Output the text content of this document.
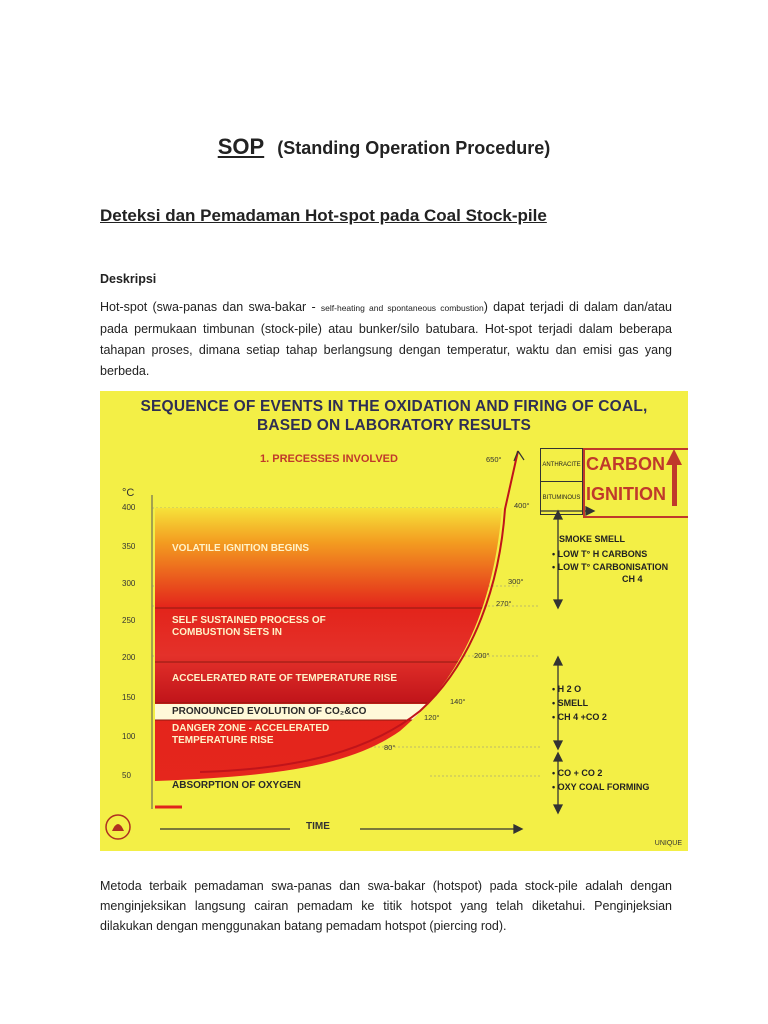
SOP (Standing Operation Procedure)
Deteksi dan Pemadaman Hot-spot pada Coal Stock-pile
Deskripsi
Hot-spot (swa-panas dan swa-bakar - self-heating and spontaneous combustion) dapat terjadi di dalam dan/atau pada permukaan timbunan (stock-pile) atau bunker/silo batubara. Hot-spot terjadi dalam beberapa tahapan proses, dimana setiap tahap berlangsung dengan temperatur, waktu dan emisi gas yang berbeda.
SEQUENCE OF EVENTS IN THE OXIDATION AND FIRING OF COAL,
BASED ON LABORATORY RESULTS
1. PRECESSES INVOLVED
°C
400
350
300
250
200
150
100
50
VOLATILE IGNITION BEGINS
SELF SUSTAINED PROCESS OF
COMBUSTION SETS IN
ACCELERATED RATE OF TEMPERATURE RISE
PRONOUNCED EVOLUTION OF CO₂&CO
DANGER ZONE - ACCELERATED
TEMPERATURE RISE
ABSORPTION OF OXYGEN
650°
400°
300°
270°
200°
140°
120°
80°
ANTHRACITE
BITUMINOUS
CARBON
IGNITION
SMOKE SMELL
• LOW T° H CARBONS
• LOW T° CARBONISATION
CH 4
• H 2 O
• SMELL
• CH 4 +CO 2
• CO + CO 2
• OXY COAL FORMING
TIME
UNIQUE
Metoda terbaik pemadaman swa-panas dan swa-bakar (hotspot) pada stock-pile adalah dengan menginjeksikan langsung cairan pemadam ke titik hotspot yang telah diketahui. Penginjeksian dilakukan dengan menggunakan batang pemadam hotspot (piercing rod).
